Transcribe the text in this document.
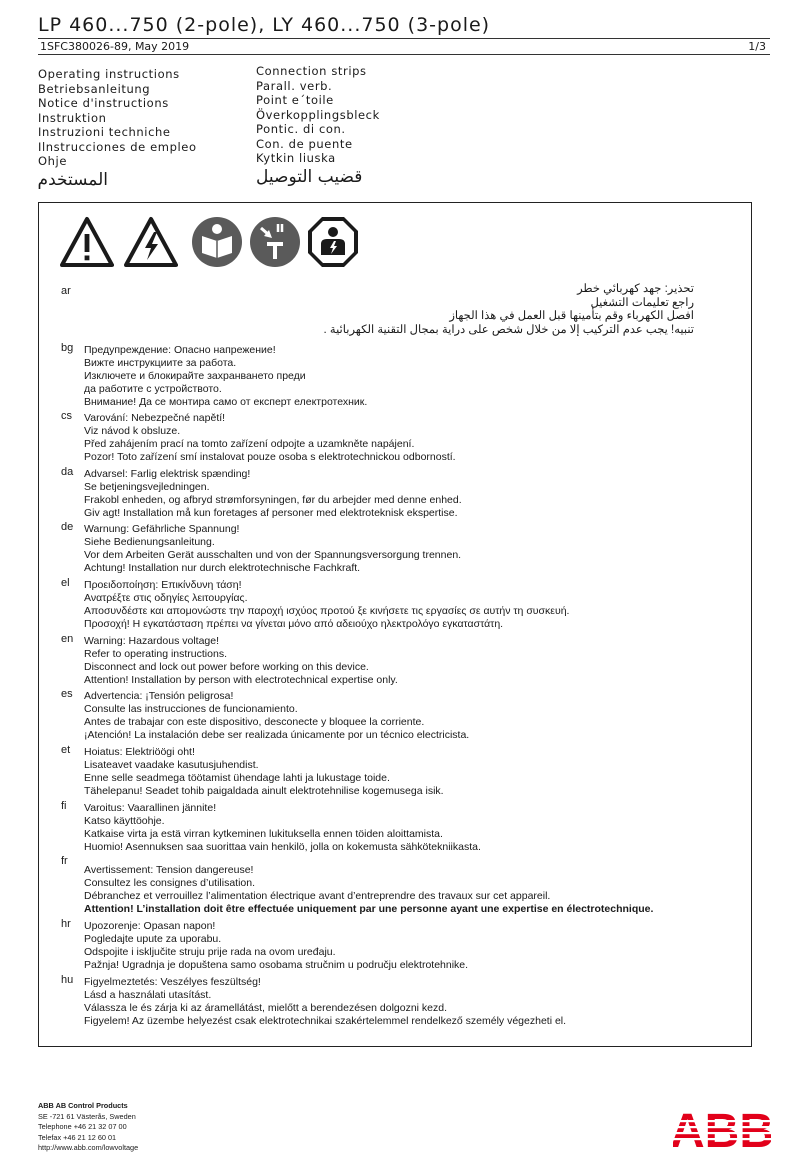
LP 460...750 (2-pole), LY 460...750 (3-pole)
1SFC380026-89, May 2019	1/3
Operating instructions
Betriebsanleitung
Notice d'instructions
Instruktion
Instruzioni techniche
Ilnstrucciones de empleo
Ohje
المستخدم
Connection strips
Parall. verb.
Point e´toile
Överkopplingsbleck
Pontic. di con.
Con. de puente
Kytkin liuska
قضيب التوصيل
ar	تحذير: جهد كهربائي خطر
راجع تعليمات التشغيل
افصل الكهرباء وقم بتأمينها قبل العمل في هذا الجهاز
تنبيه! يجب عدم التركيب إلا من خلال شخص على دراية بمجال التقنية الكهربائية .
bg Предупреждение: Опасно напрежение!
Вижте инструкциите за работа.
Изключете и блокирайте захранването преди
да работите с устройството.
Внимание! Да се монтира само от експерт електротехник.
cs Varování: Nebezpečné napětí!
Viz návod k obsluze.
Před zahájením prací na tomto zařízení odpojte a uzamkněte napájení.
Pozor! Toto zařízení smí instalovat pouze osoba s elektrotechnickou odborností.
da Advarsel: Farlig elektrisk spænding!
Se betjeningsvejledningen.
Frakobl enheden, og afbryd strømforsyningen, før du arbejder med denne enhed.
Giv agt! Installation må kun foretages af personer med elektroteknisk ekspertise.
de Warnung: Gefährliche Spannung!
Siehe Bedienungsanleitung.
Vor dem Arbeiten Gerät ausschalten und von der Spannungsversorgung trennen.
Achtung! Installation nur durch elektrotechnische Fachkraft.
el Προειδοποίηση: Επικίνδυνη τάση!
Ανατρέξτε στις οδηγίες λειτουργίας.
Αποσυνδέστε και απομονώστε την παροχή ισχύος προτού ξε κινήσετε τις εργασίες σε αυτήν τη συσκευή.
Προσοχή! Η εγκατάσταση πρέπει να γίνεται μόνο από αδειούχο ηλεκτρολόγο εγκαταστάτη.
en Warning: Hazardous voltage!
Refer to operating instructions.
Disconnect and lock out power before working on this device.
Attention! Installation by person with electrotechnical expertise only.
es Advertencia: ¡Tensión peligrosa!
Consulte las instrucciones de funcionamiento.
Antes de trabajar con este dispositivo, desconecte y bloquee la corriente.
¡Atención! La instalación debe ser realizada únicamente por un técnico electricista.
et Hoiatus: Elektriöögi oht!
Lisateavet vaadake kasutusjuhendist.
Enne selle seadmega töötamist ühendage lahti ja lukustage toide.
Tähelepanu! Seadet tohib paigaldada ainult elektrotehnilise kogemusega isik.
fi Varoitus: Vaarallinen jännite!
Katso käyttöohje.
Katkaise virta ja estä virran kytkeminen lukituksella ennen töiden aloittamista.
Huomio! Asennuksen saa suorittaa vain henkilö, jolla on kokemusta sähkötekniikasta.
fr
Avertissement: Tension dangereuse!
Consultez les consignes d’utilisation.
Débranchez et verrouillez l’alimentation électrique avant d’entreprendre des travaux sur cet appareil.
Attention! L’installation doit être effectuée uniquement par une personne ayant une expertise en électrotechnique.
hr Upozorenje: Opasan napon!
Pogledajte upute za uporabu.
Odspojite i isključite struju prije rada na ovom uređaju.
Pažnja! Ugradnja je dopuštena samo osobama stručnim u području elektrotehnike.
hu Figyelmeztetés: Veszélyes feszültség!
Lásd a használati utasítást.
Válassza le és zárja ki az áramellátást, mielőtt a berendezésen dolgozni kezd.
Figyelem! Az üzembe helyezést csak elektrotechnikai szakértelemmel rendelkező személy végezheti el.
ABB AB Control Products
SE -721 61 Västerås, Sweden
Telephone +46 21 32 07 00
Telefax +46 21 12 60 01
http://www.abb.com/lowvoltage
